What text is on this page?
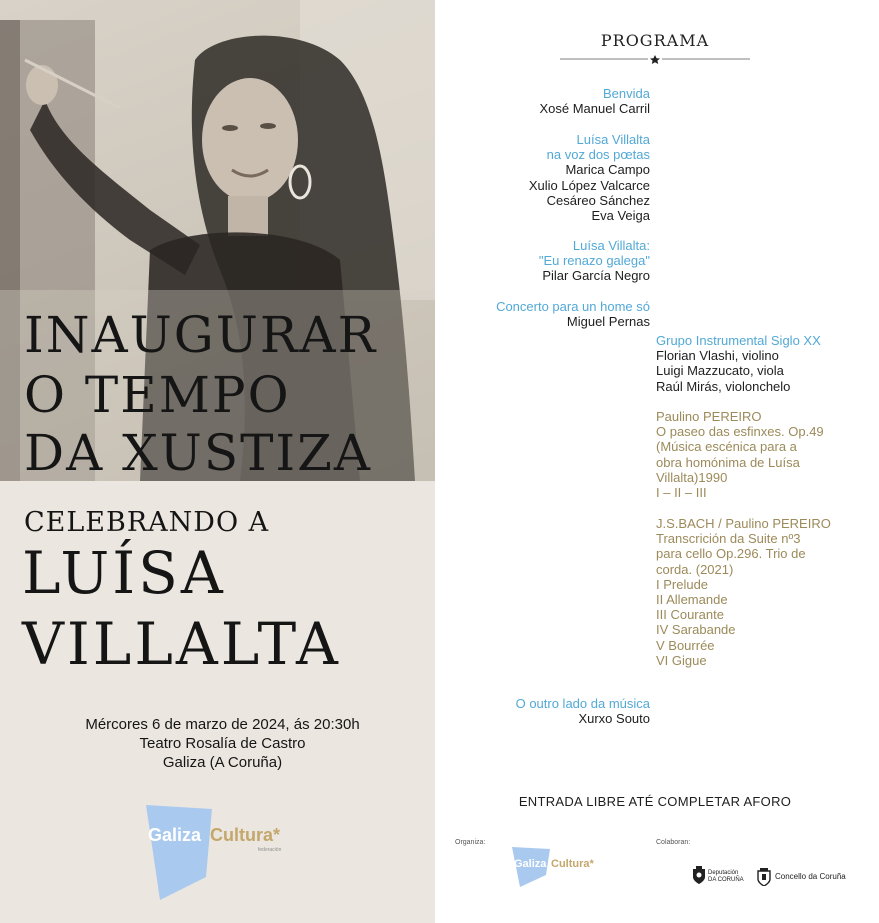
INAUGURAR
O TEMPO
DA XUSTIZA
CELEBRANDO A
LUÍSA
VILLALTA
Mércores 6 de marzo de 2024, ás 20:30h
Teatro Rosalía de Castro
Galiza (A Coruña)
Galiza Cultura*
federación
PROGRAMA
Benvida
Xosé Manuel Carril
Luísa Villalta
na voz dos pœtas
Marica Campo
Xulio López Valcarce
Cesáreo Sánchez
Eva Veiga
Luísa Villalta:
"Eu renazo galega"
Pilar García Negro
Concerto para un home só
Miguel Pernas
Grupo Instrumental Siglo XX
Florian Vlashi, violino
Luigi Mazzucato, viola
Raúl Mirás, violonchelo
Paulino PEREIRO
O paseo das esfinxes. Op.49
(Música escénica para a
obra homónima de Luísa
Villalta)1990
I – II – III
J.S.BACH / Paulino PEREIRO
Transcrición da Suite nº3
para cello Op.296. Trio de
corda. (2021)
I Prelude
II Allemande
III Courante
IV Sarabande
V Bourrée
VI Gigue
O outro lado da música
Xurxo Souto
ENTRADA LIBRE ATÉ COMPLETAR AFORO
Organiza:	Colaboran:
Galiza Cultura*
Deputación
DA CORUÑA	Concello da Coruña
